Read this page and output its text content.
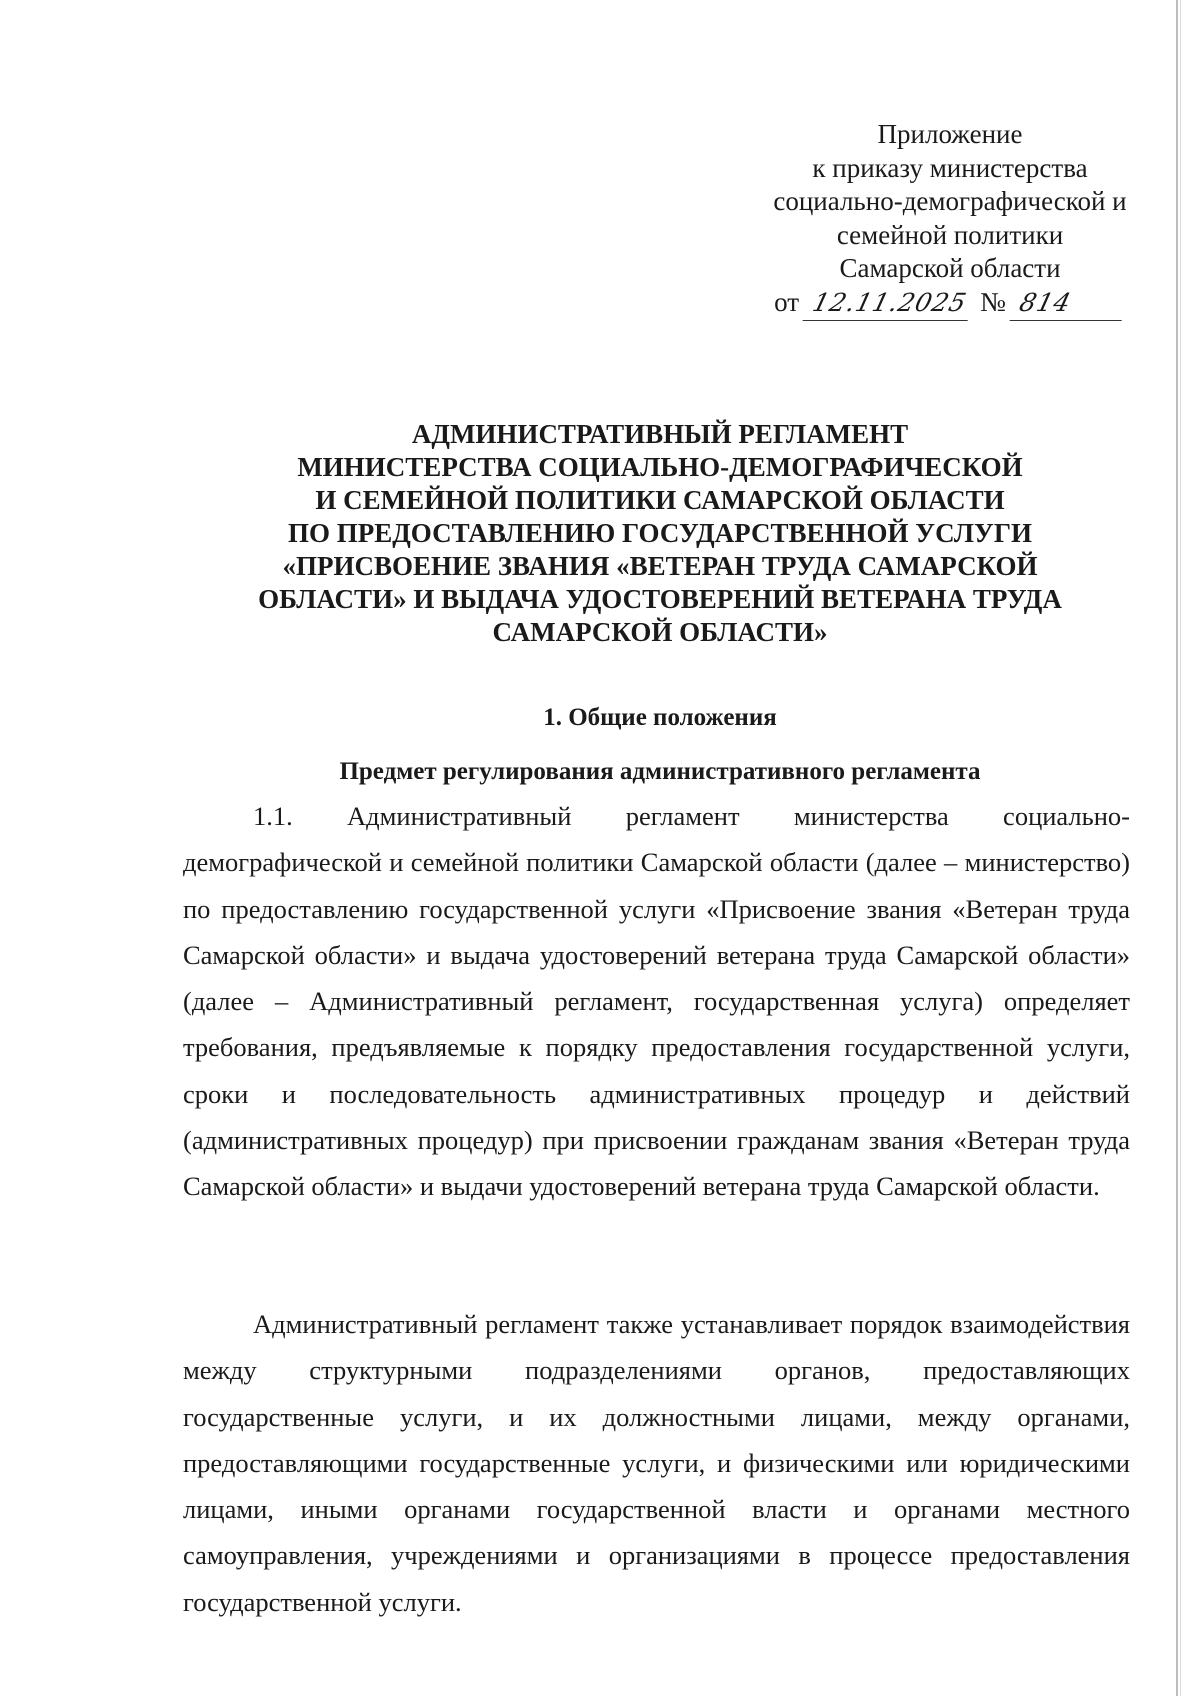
Приложение
к приказу министерства
социально-демографической и
семейной политики
Самарской области
от 12.11.2025 № 814
АДМИНИСТРАТИВНЫЙ РЕГЛАМЕНТ
МИНИСТЕРСТВА СОЦИАЛЬНО-ДЕМОГРАФИЧЕСКОЙ
И СЕМЕЙНОЙ ПОЛИТИКИ САМАРСКОЙ ОБЛАСТИ
ПО ПРЕДОСТАВЛЕНИЮ ГОСУДАРСТВЕННОЙ УСЛУГИ
«ПРИСВОЕНИЕ ЗВАНИЯ «ВЕТЕРАН ТРУДА САМАРСКОЙ
ОБЛАСТИ» И ВЫДАЧА УДОСТОВЕРЕНИЙ ВЕТЕРАНА ТРУДА
САМАРСКОЙ ОБЛАСТИ»
1. Общие положения
Предмет регулирования административного регламента

1.1. Административный регламент министерства социально-демографической и семейной политики Самарской области (далее – министерство) по предоставлению государственной услуги «Присвоение звания «Ветеран труда Самарской области» и выдача удостоверений ветерана труда Самарской области» (далее – Административный регламент, государственная услуга) определяет требования, предъявляемые к порядку предоставления государственной услуги, сроки и последовательность административных процедур и действий (административных процедур) при присвоении гражданам звания «Ветеран труда Самарской области» и выдачи удостоверений ветерана труда Самарской области.

Административный регламент также устанавливает порядок взаимодействия между структурными подразделениями органов, предоставляющих государственные услуги, и их должностными лицами, между органами, предоставляющими государственные услуги, и физическими или юридическими лицами, иными органами государственной власти и органами местного самоуправления, учреждениями и организациями в процессе предоставления государственной услуги.
